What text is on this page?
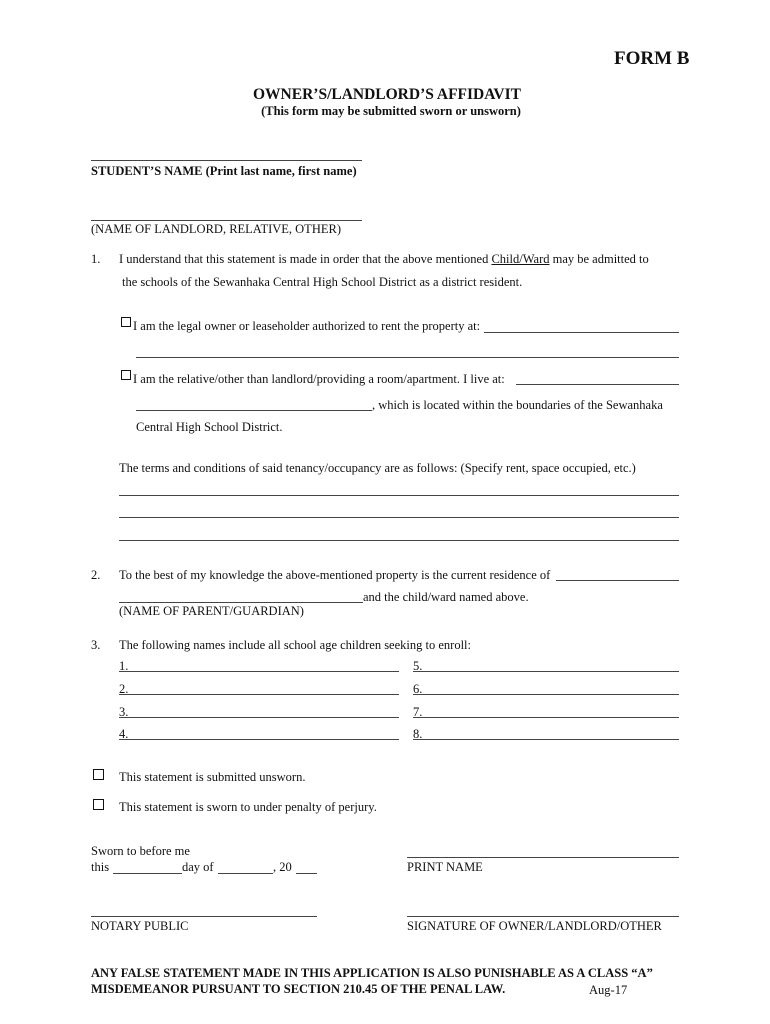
FORM B
OWNER’S/LANDLORD’S AFFIDAVIT
(This form may be submitted sworn or unsworn)
STUDENT’S NAME (Print last name, first name)
(NAME OF LANDLORD, RELATIVE, OTHER)
1. I understand that this statement is made in order that the above mentioned Child/Ward may be admitted to
the schools of the Sewanhaka Central High School District as a district resident.
I am the legal owner or leaseholder authorized to rent the property at:
I am the relative/other than landlord/providing a room/apartment. I live at:
, which is located within the boundaries of the Sewanhaka
Central High School District.
The terms and conditions of said tenancy/occupancy are as follows: (Specify rent, space occupied, etc.)
2. To the best of my knowledge the above-mentioned property is the current residence of
and the child/ward named above.
(NAME OF PARENT/GUARDIAN)
3. The following names include all school age children seeking to enroll:
1.	5.
2.	6.
3.	7.
4.	8.
This statement is submitted unsworn.
This statement is sworn to under penalty of perjury.
Sworn to before me
this	day of	, 20	PRINT NAME
NOTARY PUBLIC	SIGNATURE OF OWNER/LANDLORD/OTHER
ANY FALSE STATEMENT MADE IN THIS APPLICATION IS ALSO PUNISHABLE AS A CLASS “A”
MISDEMEANOR PURSUANT TO SECTION 210.45 OF THE PENAL LAW.	Aug-17
